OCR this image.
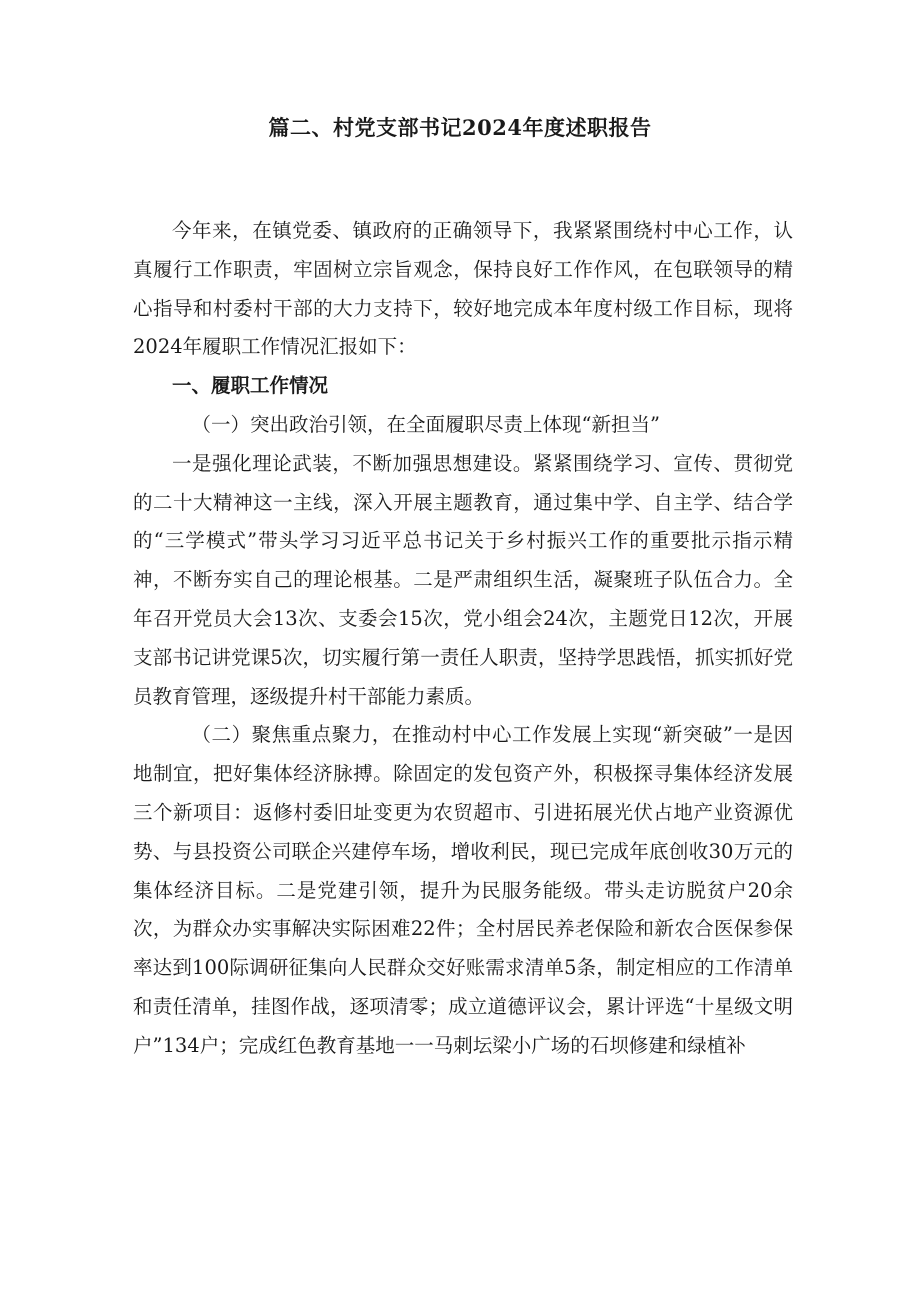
篇二、村党支部书记2024年度述职报告

今年来，在镇党委、镇政府的正确领导下，我紧紧围绕村中心工作，认真履行工作职责，牢固树立宗旨观念，保持良好工作作风，在包联领导的精心指导和村委村干部的大力支持下，较好地完成本年度村级工作目标，现将2024年履职工作情况汇报如下：

一、履职工作情况

（一）突出政治引领，在全面履职尽责上体现“新担当”

一是强化理论武装，不断加强思想建设。紧紧围绕学习、宣传、贯彻党的二十大精神这一主线，深入开展主题教育，通过集中学、自主学、结合学的“三学模式”带头学习习近平总书记关于乡村振兴工作的重要批示指示精神，不断夯实自己的理论根基。二是严肃组织生活，凝聚班子队伍合力。全年召开党员大会13次、支委会15次，党小组会24次，主题党日12次，开展支部书记讲党课5次，切实履行第一责任人职责，坚持学思践悟，抓实抓好党员教育管理，逐级提升村干部能力素质。

（二）聚焦重点聚力，在推动村中心工作发展上实现“新突破”一是因地制宜，把好集体经济脉搏。除固定的发包资产外，积极探寻集体经济发展三个新项目：返修村委旧址变更为农贸超市、引进拓展光伏占地产业资源优势、与县投资公司联企兴建停车场，增收利民，现已完成年底创收30万元的集体经济目标。二是党建引领，提升为民服务能级。带头走访脱贫户20余次，为群众办实事解决实际困难22件；全村居民养老保险和新农合医保参保率达到100际调研征集向人民群众交好账需求清单5条，制定相应的工作清单和责任清单，挂图作战，逐项清零；成立道德评议会，累计评选“十星级文明户”134户；完成红色教育基地一一马刺坛梁小广场的石坝修建和绿植补
